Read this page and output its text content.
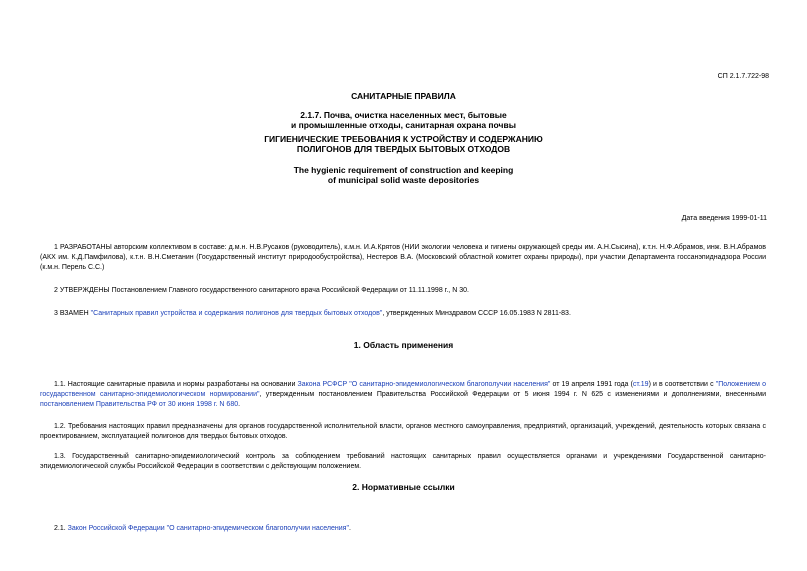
СП 2.1.7.722-98
САНИТАРНЫЕ ПРАВИЛА
2.1.7. Почва, очистка населенных мест, бытовые
и промышленные отходы, санитарная охрана почвы
ГИГИЕНИЧЕСКИЕ ТРЕБОВАНИЯ К УСТРОЙСТВУ И СОДЕРЖАНИЮ
ПОЛИГОНОВ ДЛЯ ТВЕРДЫХ БЫТОВЫХ ОТХОДОВ
The hygienic requirement of construction and keeping
of municipal solid waste depositories
Дата введения 1999-01-11
1 РАЗРАБОТАНЫ авторским коллективом в составе: д.м.н. Н.В.Русаков (руководитель), к.м.н. И.А.Крятов (НИИ экологии человека и гигиены окружающей среды им. А.Н.Сысина), к.т.н. Н.Ф.Абрамов, инж. В.Н.Абрамов (АКХ им. К.Д.Памфилова), к.т.н. В.Н.Сметанин (Государственный институт природообустройства), Нестеров В.А. (Московский областной комитет охраны природы), при участии Департамента госсанэпиднадзора России (к.м.н. Перель С.С.)
2 УТВЕРЖДЕНЫ Постановлением Главного государственного санитарного врача Российской Федерации от 11.11.1998 г., N 30.
3 ВЗАМЕН "Санитарных правил устройства и содержания полигонов для твердых бытовых отходов", утвержденных Минздравом СССР 16.05.1983 N 2811-83.
1. Область применения
1.1. Настоящие санитарные правила и нормы разработаны на основании Закона РСФСР "О санитарно-эпидемиологическом благополучии населения" от 19 апреля 1991 года (ст.19) и в соответствии с "Положением о государственном санитарно-эпидемиологическом нормировании", утвержденным постановлением Правительства Российской Федерации от 5 июня 1994 г. N 625 с изменениями и дополнениями, внесенными постановлением Правительства РФ от 30 июня 1998 г. N 680.
1.2. Требования настоящих правил предназначены для органов государственной исполнительной власти, органов местного самоуправления, предприятий, организаций, учреждений, деятельность которых связана с проектированием, эксплуатацией полигонов для твердых бытовых отходов.
1.3. Государственный санитарно-эпидемиологический контроль за соблюдением требований настоящих санитарных правил осуществляется органами и учреждениями Государственной санитарно-эпидемиологической службы Российской Федерации в соответствии с действующим положением.
2. Нормативные ссылки
2.1. Закон Российской Федерации "О санитарно-эпидемическом благополучии населения".
